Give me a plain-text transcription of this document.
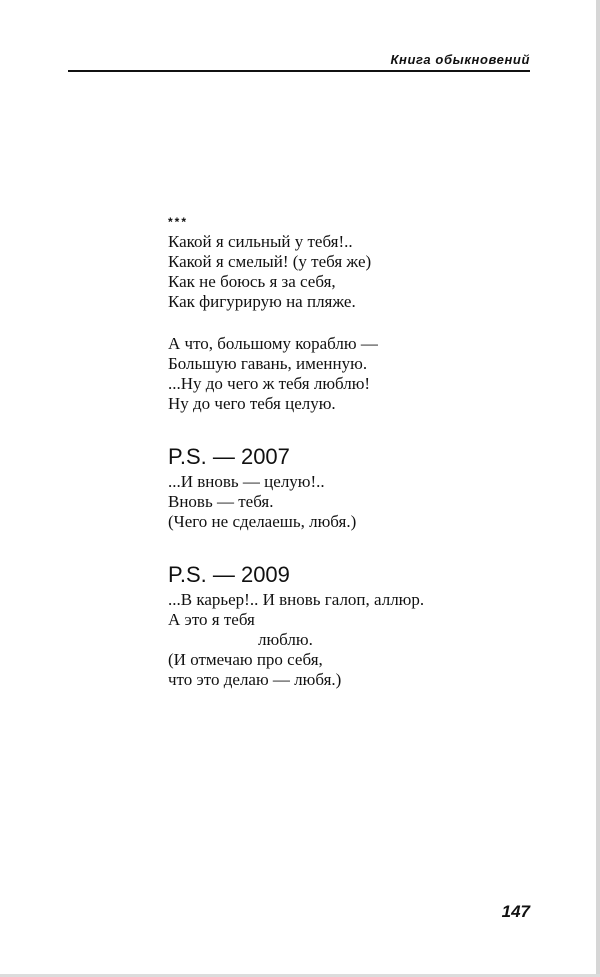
Книга обыкновений
***
Какой я сильный у тебя!..
Какой я смелый! (у тебя же)
Как не боюсь я за себя,
Как фигурирую на пляже.
А что, большому кораблю —
Большую гавань, именную.
...Ну до чего ж тебя люблю!
Ну до чего тебя целую.
P.S. — 2007
...И вновь — целую!..
Вновь — тебя.
(Чего не сделаешь, любя.)
P.S. — 2009
...В карьер!.. И вновь галоп, аллюр.
А это я тебя
люблю.
(И отмечаю про себя,
что это делаю — любя.)
147
